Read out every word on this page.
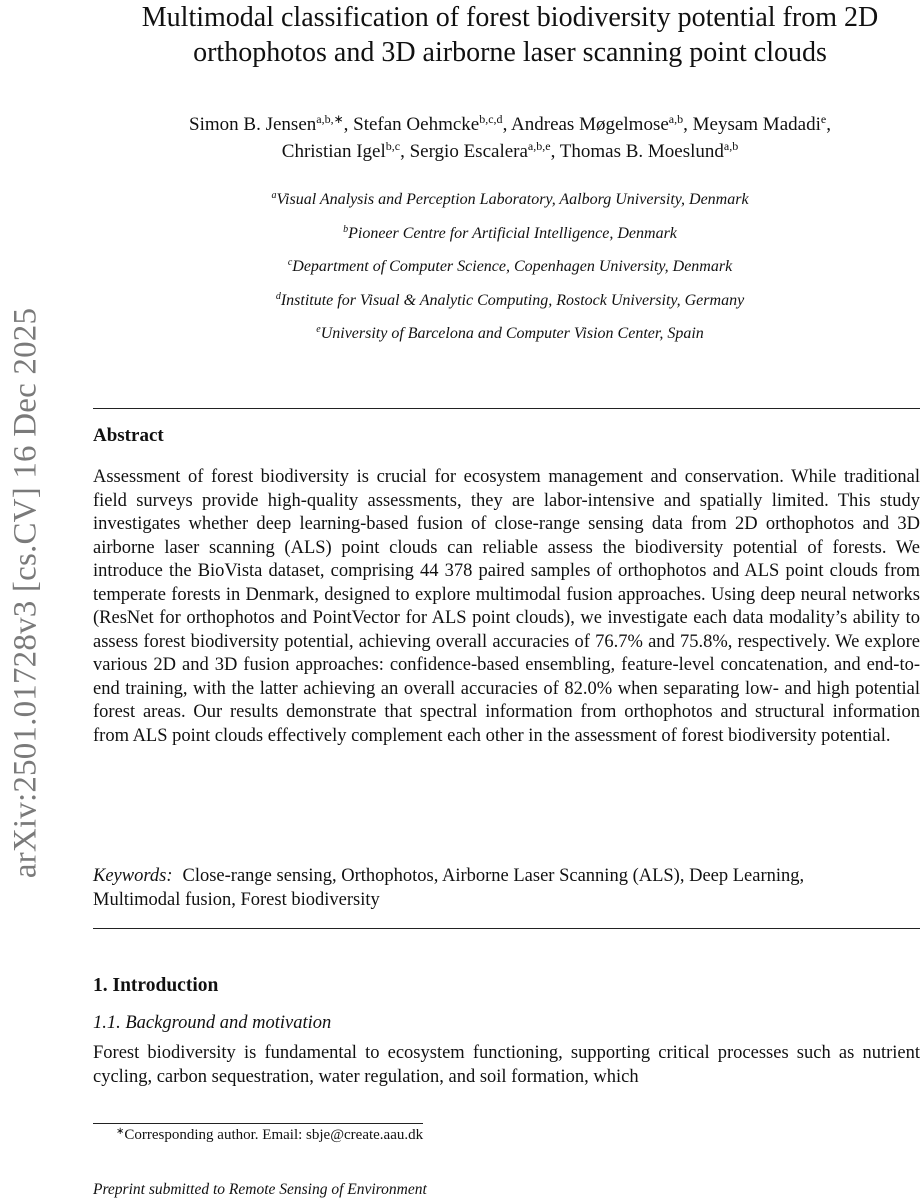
arXiv:2501.01728v3 [cs.CV] 16 Dec 2025
Multimodal classification of forest biodiversity potential from 2D
orthophotos and 3D airborne laser scanning point clouds
Simon B. Jensen$^{a,b,∗}$, Stefan Oehmcke$^{b,c,d}$, Andreas Møgelmose$^{a,b}$, Meysam Madadi$^e$,
Christian Igel$^{b,c}$, Sergio Escalera$^{a,b,e}$, Thomas B. Moeslund$^{a,b}$
$^a$Visual Analysis and Perception Laboratory, Aalborg University, Denmark
$^b$Pioneer Centre for Artificial Intelligence, Denmark
$^c$Department of Computer Science, Copenhagen University, Denmark
$^d$Institute for Visual & Analytic Computing, Rostock University, Germany
$^e$University of Barcelona and Computer Vision Center, Spain
Abstract

Assessment of forest biodiversity is crucial for ecosystem management and conservation. While traditional field surveys provide high-quality assessments, they are labor-intensive and spatially limited. This study investigates whether deep learning-based fusion of close-range sensing data from 2D orthophotos and 3D airborne laser scanning (ALS) point clouds can reliable assess the biodiversity potential of forests. We introduce the BioVista dataset, comprising 44 378 paired samples of orthophotos and ALS point clouds from temperate forests in Denmark, designed to explore multimodal fusion approaches. Using deep neural networks (ResNet for orthophotos and PointVector for ALS point clouds), we investigate each data modality’s ability to assess forest biodiversity potential, achieving overall accuracies of 76.7% and 75.8%, respectively. We explore various 2D and 3D fusion approaches: confidence-based ensembling, feature-level concatenation, and end-to-end training, with the latter achieving an overall accuracies of 82.0% when separating low- and high potential forest areas. Our results demonstrate that spectral information from orthophotos and structural information from ALS point clouds effectively complement each other in the assessment of forest biodiversity potential.

Keywords: Close-range sensing, Orthophotos, Airborne Laser Scanning (ALS), Deep Learning, Multimodal fusion, Forest biodiversity
1. Introduction
1.1. Background and motivation

Forest biodiversity is fundamental to ecosystem functioning, supporting critical processes such as nutrient cycling, carbon sequestration, water regulation, and soil formation, which

∗Corresponding author. Email: sbje@create.aau.dk
Preprint submitted to Remote Sensing of Environment
